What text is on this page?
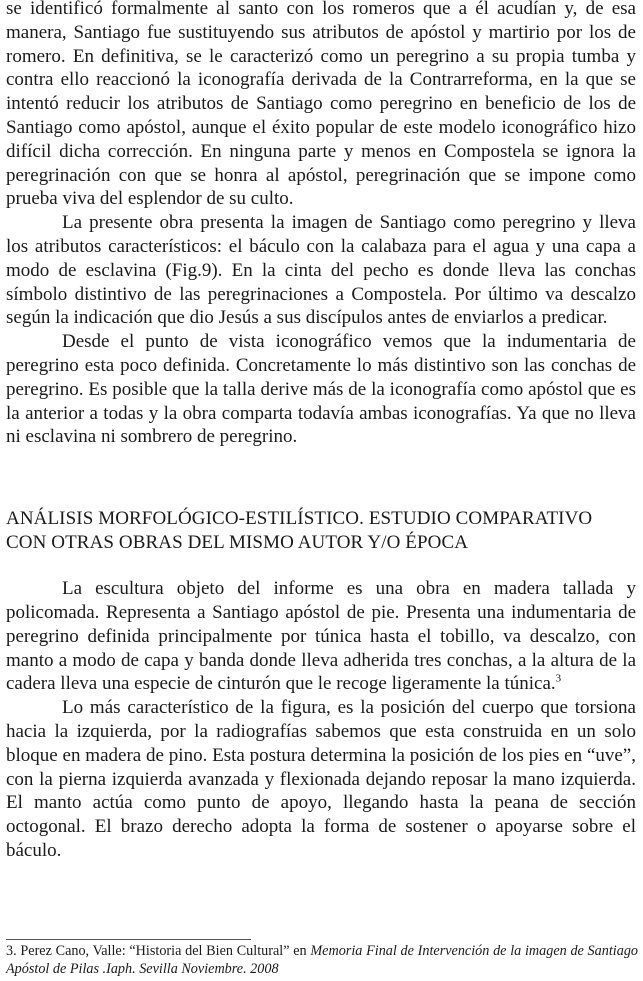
se identificó formalmente al santo con los romeros que a él acudían y, de esa manera, Santiago fue sustituyendo sus atributos de apóstol y martirio por los de romero. En definitiva, se le caracterizó como un peregrino a su propia tumba y contra ello reaccionó la iconografía derivada de la Contrarreforma, en la que se intentó reducir los atributos de Santiago como peregrino en beneficio de los de Santiago como apóstol, aunque el éxito popular de este modelo iconográfico hizo difícil dicha corrección. En ninguna parte y menos en Compostela se ignora la peregrinación con que se honra al apóstol, peregrinación que se impone como prueba viva del esplendor de su culto.

La presente obra presenta la imagen de Santiago como peregrino y lleva los atributos característicos: el báculo con la calabaza para el agua y una capa a modo de esclavina (Fig.9). En la cinta del pecho es donde lleva las conchas símbolo distintivo de las peregrinaciones a Compostela. Por último va descalzo según la indicación que dio Jesús a sus discípulos antes de enviarlos a predicar.

Desde el punto de vista iconográfico vemos que la indumentaria de peregrino esta poco definida. Concretamente lo más distintivo son las conchas de peregrino. Es posible que la talla derive más de la iconografía como apóstol que es la anterior a todas y la obra comparta todavía ambas iconografías. Ya que no lleva ni esclavina ni sombrero de peregrino.

ANÁLISIS MORFOLÓGICO-ESTILÍSTICO. ESTUDIO COMPARATIVO
CON OTRAS OBRAS DEL MISMO AUTOR Y/O ÉPOCA

La escultura objeto del informe es una obra en madera tallada y policomada. Representa a Santiago apóstol de pie. Presenta una indumentaria de peregrino definida principalmente por túnica hasta el tobillo, va descalzo, con manto a modo de capa y banda donde lleva adherida tres conchas, a la altura de la cadera lleva una especie de cinturón que le recoge ligeramente la túnica.$^3$

Lo más característico de la figura, es la posición del cuerpo que torsiona hacia la izquierda, por la radiografías sabemos que esta construida en un solo bloque en madera de pino. Esta postura determina la posición de los pies en “uve”, con la pierna izquierda avanzada y flexionada dejando reposar la mano izquierda. El manto actúa como punto de apoyo, llegando hasta la peana de sección octogonal. El brazo derecho adopta la forma de sostener o apoyarse sobre el báculo.

3. Perez Cano, Valle: “Historia del Bien Cultural” en Memoria Final de Intervención de la imagen de Santiago Apóstol de Pilas .Iaph. Sevilla Noviembre. 2008
